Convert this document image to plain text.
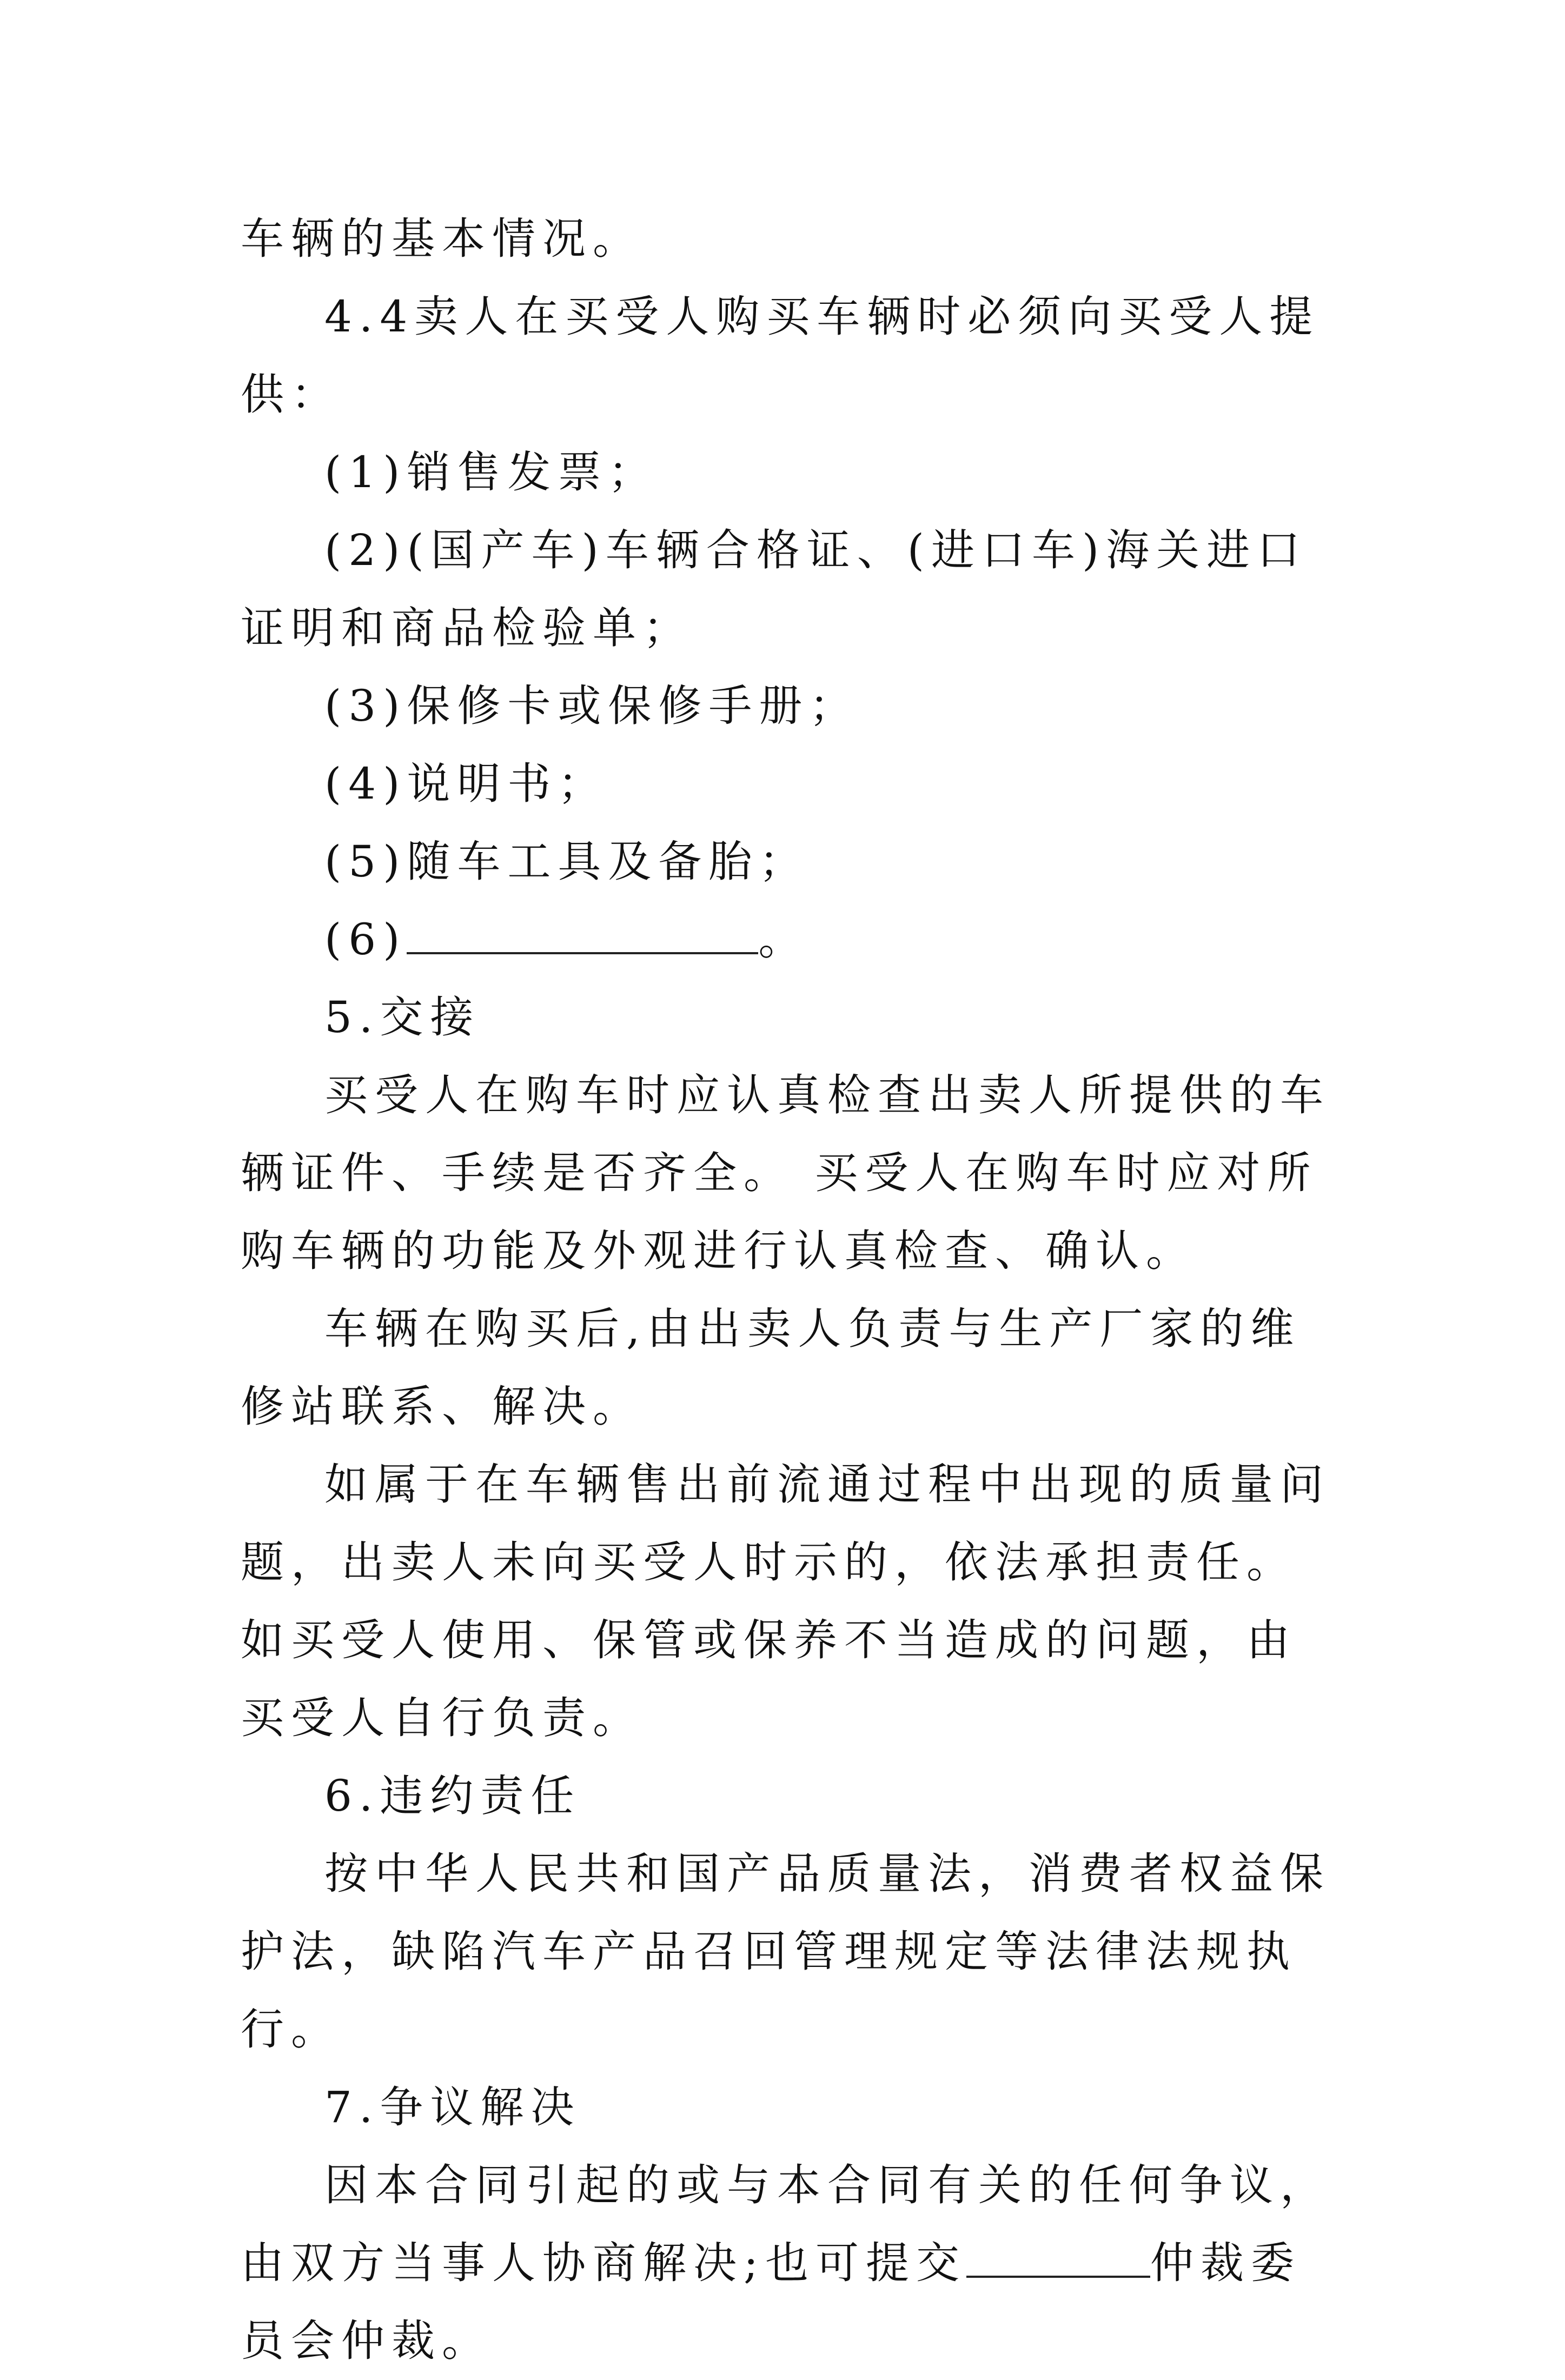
车辆的基本情况。

4.4卖人在买受人购买车辆时必须向买受人提供：

(1)销售发票；

(2)(国产车)车辆合格证、(进口车)海关进口证明和商品检验单；

(3)保修卡或保修手册；

(4)说明书；

(5)随车工具及备胎；

(6)	。

5.交接

买受人在购车时应认真检查出卖人所提供的车辆证件、手续是否齐全。 买受人在购车时应对所购车辆的功能及外观进行认真检查、确认。

车辆在购买后,由出卖人负责与生产厂家的维修站联系、解决。

如属于在车辆售出前流通过程中出现的质量问题，出卖人未向买受人时示的，依法承担责任。如买受人使用、保管或保养不当造成的问题，由买受人自行负责。

6.违约责任

按中华人民共和国产品质量法，消费者权益保护法，缺陷汽车产品召回管理规定等法律法规执行。

7.争议解决

因本合同引起的或与本合同有关的任何争议，由双方当事人协商解决;也可提交	仲裁委员会仲裁。
